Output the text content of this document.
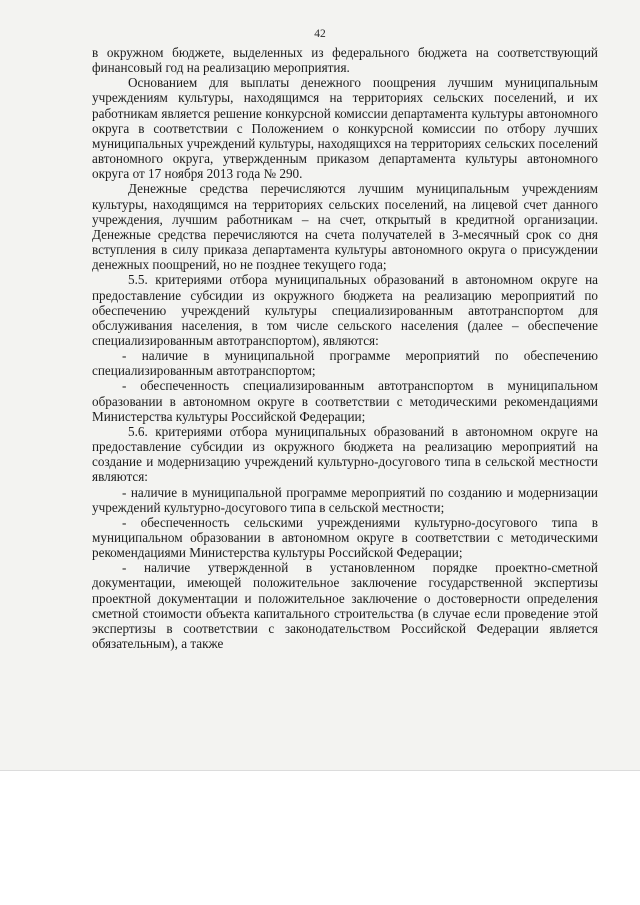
42

в окружном бюджете, выделенных из федерального бюджета на соответствующий финансовый год на реализацию мероприятия.

Основанием для выплаты денежного поощрения лучшим муниципальным учреждениям культуры, находящимся на территориях сельских поселений, и их работникам является решение конкурсной комиссии департамента культуры автономного округа в соответствии с Положением о конкурсной комиссии по отбору лучших муниципальных учреждений культуры, находящихся на территориях сельских поселений автономного округа, утвержденным приказом департамента культуры автономного округа от 17 ноября 2013 года № 290.

Денежные средства перечисляются лучшим муниципальным учреждениям культуры, находящимся на территориях сельских поселений, на лицевой счет данного учреждения, лучшим работникам – на счет, открытый в кредитной организации. Денежные средства перечисляются на счета получателей в 3-месячный срок со дня вступления в силу приказа департамента культуры автономного округа о присуждении денежных поощрений, но не позднее текущего года;

5.5. критериями отбора муниципальных образований в автономном округе на предоставление субсидии из окружного бюджета на реализацию мероприятий по обеспечению учреждений культуры специализированным автотранспортом для обслуживания населения, в том числе сельского населения (далее – обеспечение специализированным автотранспортом), являются:

- наличие в муниципальной программе мероприятий по обеспечению специализированным автотранспортом;

- обеспеченность специализированным автотранспортом в муниципальном образовании в автономном округе в соответствии с методическими рекомендациями Министерства культуры Российской Федерации;

5.6. критериями отбора муниципальных образований в автономном округе на предоставление субсидии из окружного бюджета на реализацию мероприятий на создание и модернизацию учреждений культурно-досугового типа в сельской местности являются:

- наличие в муниципальной программе мероприятий по созданию и модернизации учреждений культурно-досугового типа в сельской местности;

- обеспеченность сельскими учреждениями культурно-досугового типа в муниципальном образовании в автономном округе в соответствии с методическими рекомендациями Министерства культуры Российской Федерации;

- наличие утвержденной в установленном порядке проектно-сметной документации, имеющей положительное заключение государственной экспертизы проектной документации и положительное заключение о достоверности определения сметной стоимости объекта капитального строительства (в случае если проведение этой экспертизы в соответствии с законодательством Российской Федерации является обязательным), а также
